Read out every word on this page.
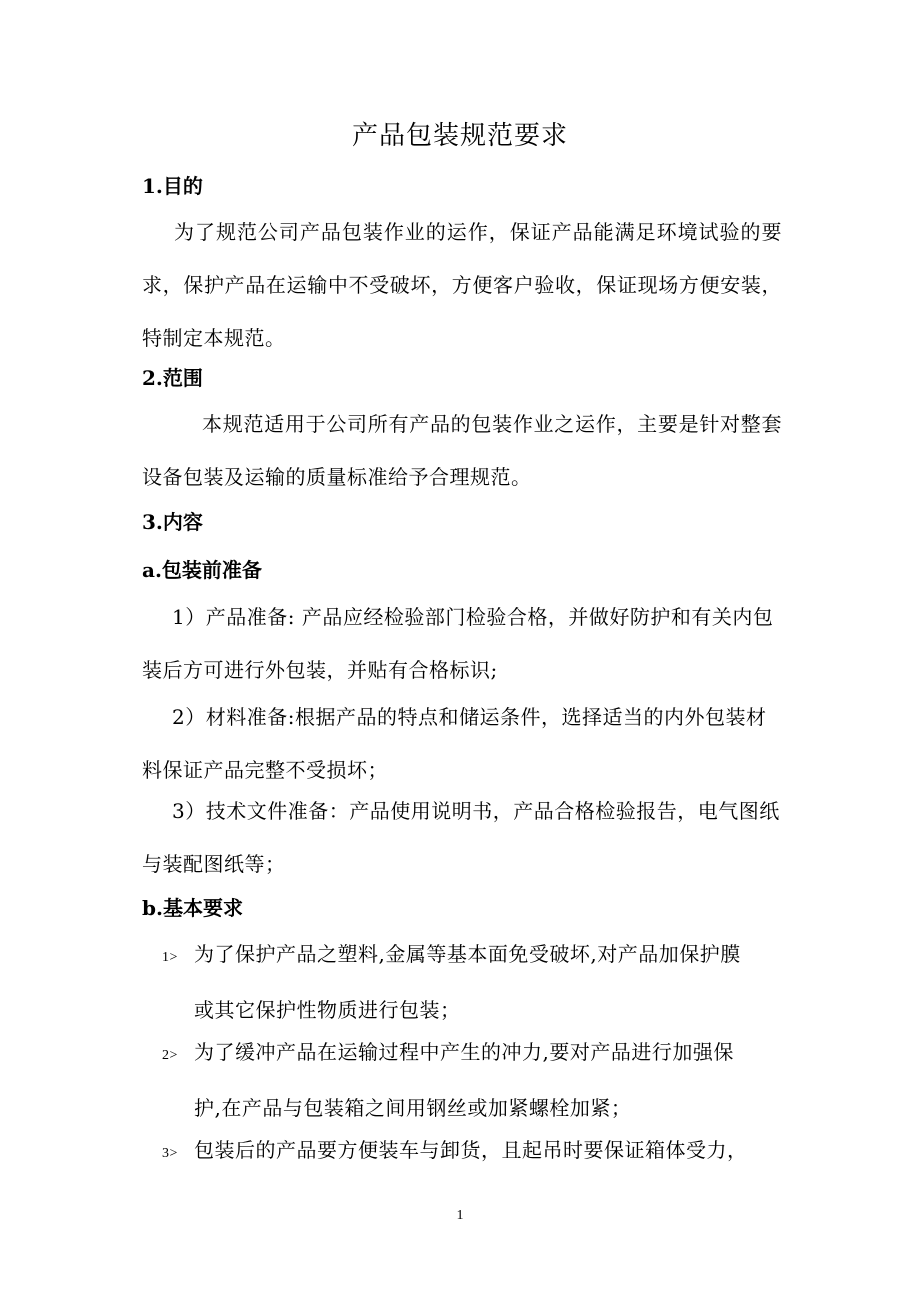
产品包装规范要求
1.目的

为了规范公司产品包装作业的运作，保证产品能满足环境试验的要求，保护产品在运输中不受破坏，方便客户验收，保证现场方便安装，特制定本规范。

2.范围

本规范适用于公司所有产品的包装作业之运作，主要是针对整套设备包装及运输的质量标准给予合理规范。

3.内容
a.包装前准备

1）产品准备: 产品应经检验部门检验合格，并做好防护和有关内包装后方可进行外包装，并贴有合格标识;

2）材料准备:根据产品的特点和储运条件，选择适当的内外包装材料保证产品完整不受损坏；

3）技术文件准备：产品使用说明书，产品合格检验报告，电气图纸与装配图纸等；

b.基本要求

1> 为了保护产品之塑料,金属等基本面免受破坏,对产品加保护膜
或其它保护性物质进行包装；

2> 为了缓冲产品在运输过程中产生的冲力,要对产品进行加强保
护,在产品与包装箱之间用钢丝或加紧螺栓加紧；

3> 包装后的产品要方便装车与卸货，且起吊时要保证箱体受力，

1
